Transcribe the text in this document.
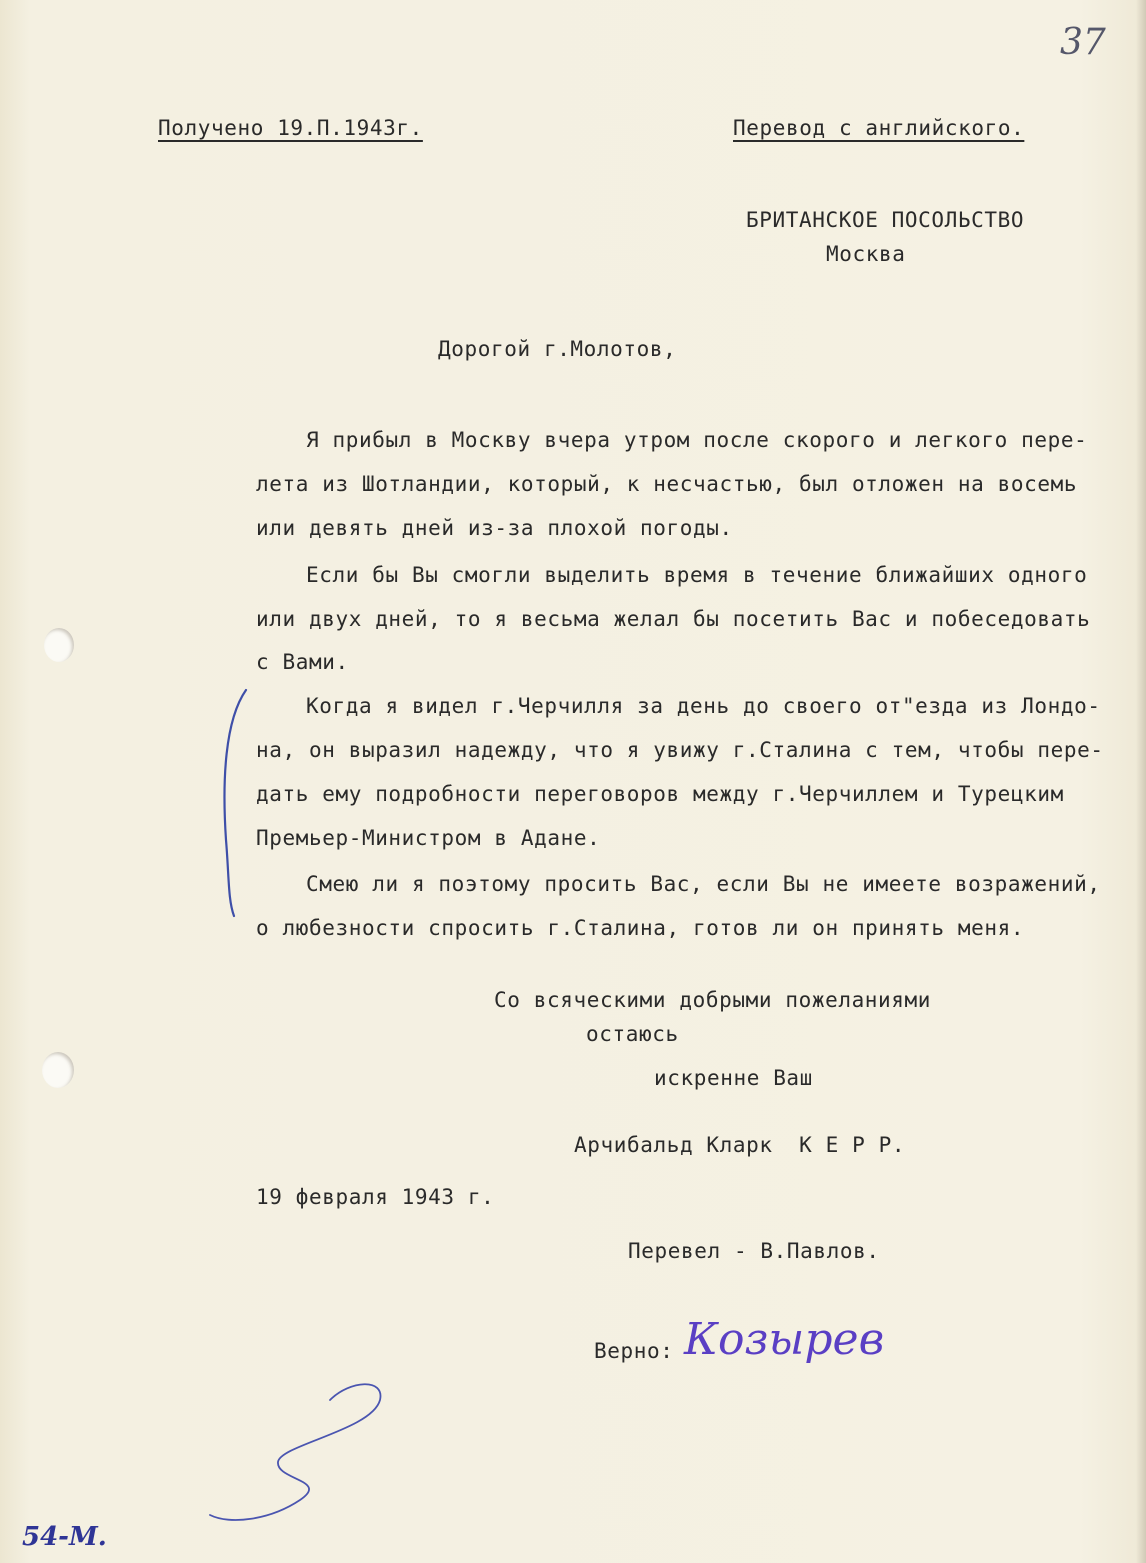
37
Получено 19.П.1943г.	Перевод с английского.
БРИТАНСКОЕ ПОСОЛЬСТВО
Москва
Дорогой г.Молотов,
Я прибыл в Москву вчера утром после скорого и легкого пере-
лета из Шотландии, который, к несчастью, был отложен на восемь
или девять дней из-за плохой погоды.
Если бы Вы смогли выделить время в течение ближайших одного
или двух дней, то я весьма желал бы посетить Вас и побеседовать
с Вами.
Когда я видел г.Черчилля за день до своего от"езда из Лондо-
на, он выразил надежду, что я увижу г.Сталина с тем, чтобы пере-
дать ему подробности переговоров между г.Черчиллем и Турецким
Премьер-Министром в Адане.
Смею ли я поэтому просить Вас, если Вы не имеете возражений,
о любезности спросить г.Сталина, готов ли он принять меня.
Со всяческими добрыми пожеланиями
остаюсь
искренне Ваш
Арчибальд Кларк  К Е Р Р.
19 февраля 1943 г.
Перевел - В.Павлов.
Верно: Козырев
54-М.
